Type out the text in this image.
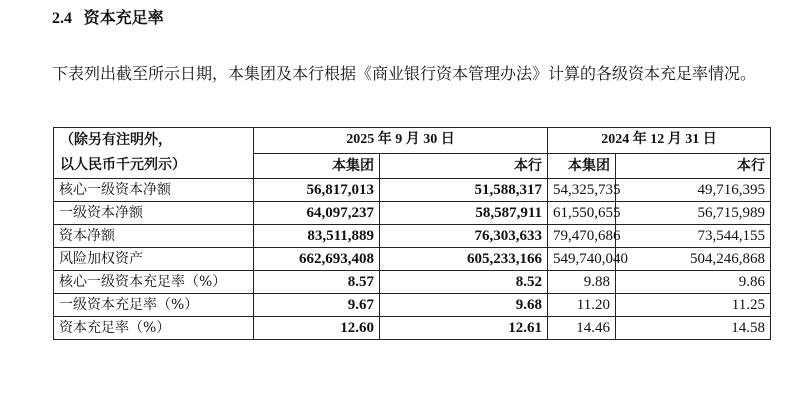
2.4 资本充足率
下表列出截至所示日期，本集团及本行根据《商业银行资本管理办法》计算的各级资本充足率情况。
（除另有注明外，
以人民币千元列示）	2025 年 9 月 30 日		2024 年 12 月 31 日	
	本集团	本行	本集团	本行
核心一级资本净额	56,817,013	51,588,317	54,325,735	49,716,395
一级资本净额	64,097,237	58,587,911	61,550,655	56,715,989
资本净额	83,511,889	76,303,633	79,470,686	73,544,155
风险加权资产	662,693,408	605,233,166	549,740,040	504,246,868
核心一级资本充足率（%）	8.57	8.52	9.88	9.86
一级资本充足率（%）	9.67	9.68	11.20	11.25
资本充足率（%）	12.60	12.61	14.46	14.58
